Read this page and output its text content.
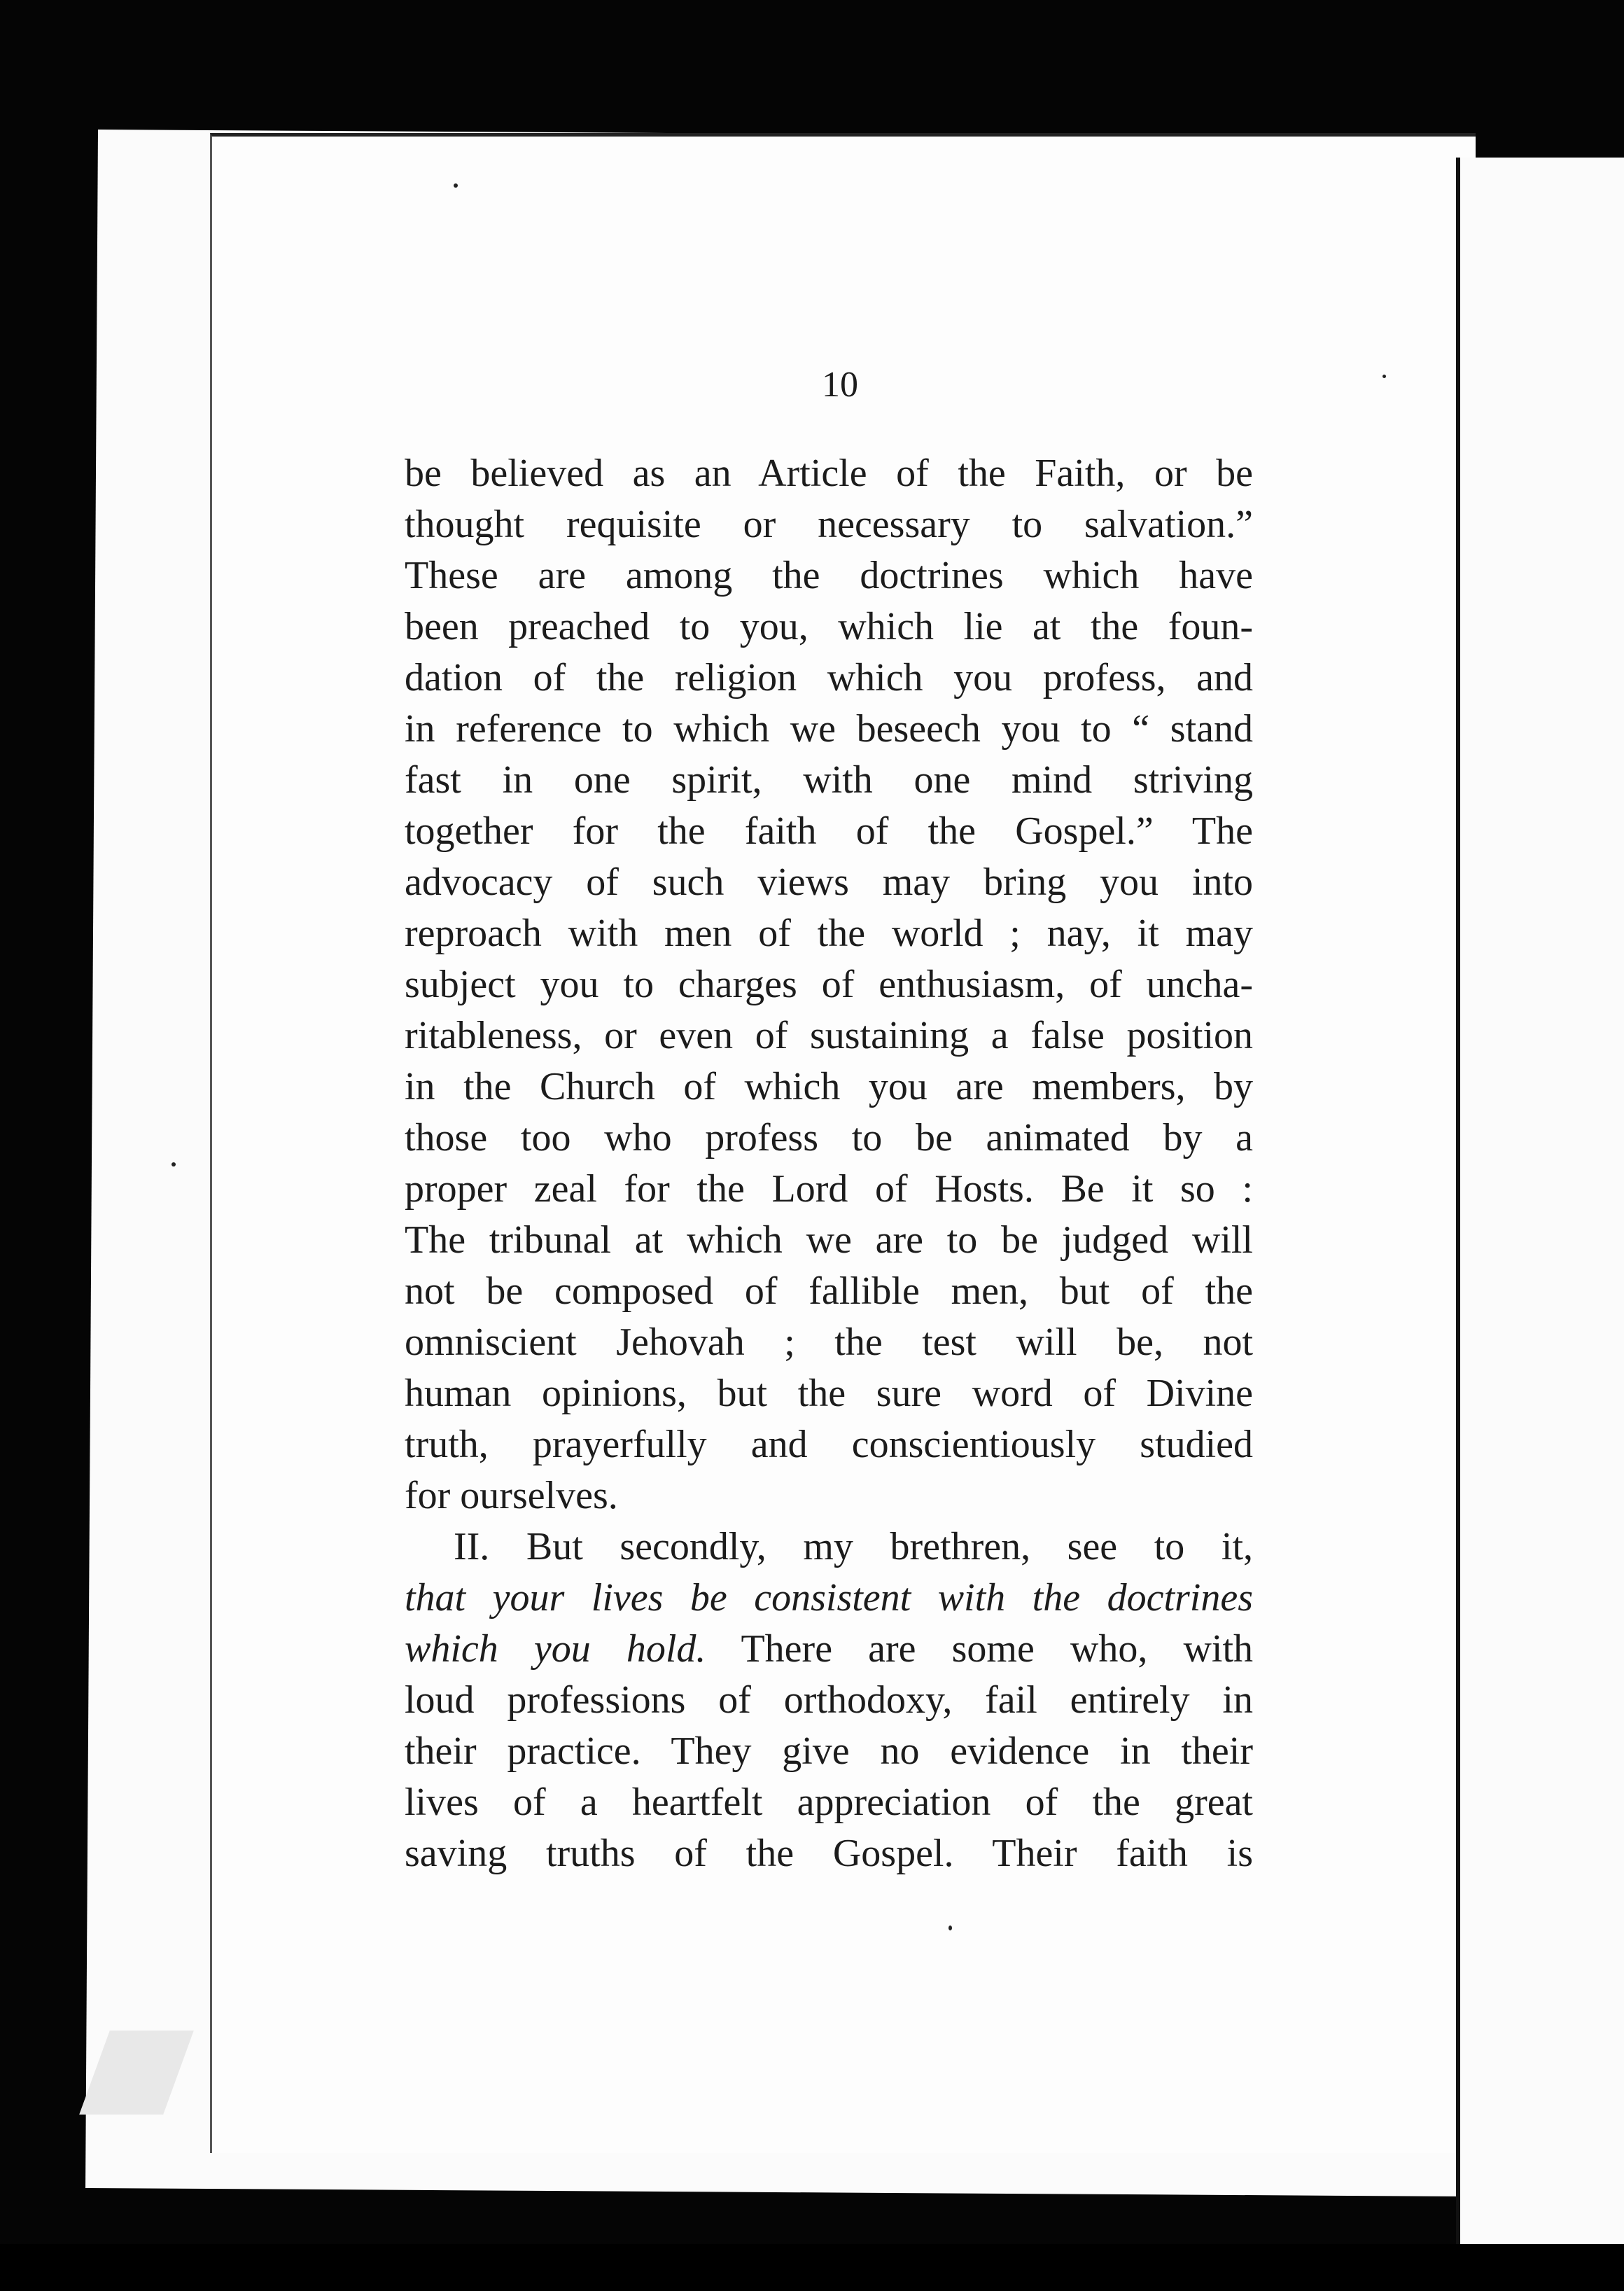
10
be believed as an Article of the Faith, or be
thought requisite or necessary to salvation.”
These are among the doctrines which have
been preached to you, which lie at the foun-
dation of the religion which you profess, and
in reference to which we beseech you to “ stand
fast in one spirit, with one mind striving
together for the faith of the Gospel.” The
advocacy of such views may bring you into
reproach with men of the world ; nay, it may
subject you to charges of enthusiasm, of uncha-
ritableness, or even of sustaining a false position
in the Church of which you are members, by
those too who profess to be animated by a
proper zeal for the Lord of Hosts. Be it so :
The tribunal at which we are to be judged will
not be composed of fallible men, but of the
omniscient Jehovah ; the test will be, not
human opinions, but the sure word of Divine
truth, prayerfully and conscientiously studied
for ourselves.
II. But secondly, my brethren, see to it,
that your lives be consistent with the doctrines
which you hold. There are some who, with
loud professions of orthodoxy, fail entirely in
their practice. They give no evidence in their
lives of a heartfelt appreciation of the great
saving truths of the Gospel. Their faith is
